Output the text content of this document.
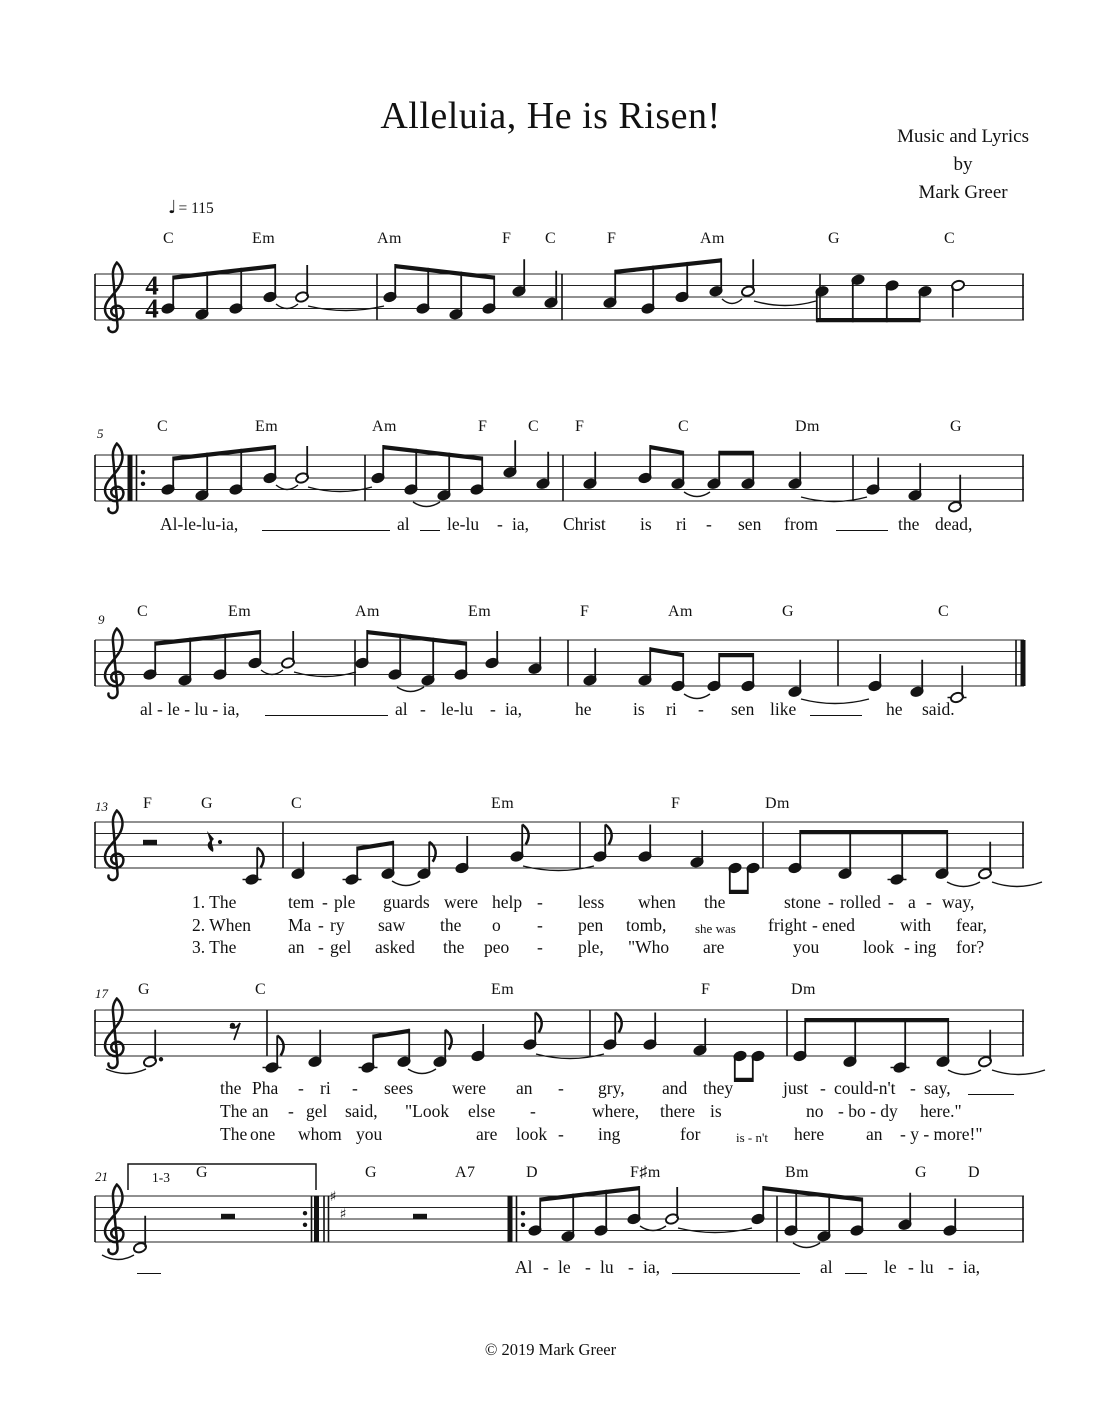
4
4
♯
♯
Alleluia, He is Risen!	Music and Lyrics
by
Mark Greer
♩ = 115
C	Em	Am	F C	F	Am	G	C
C	Em	Am	F	C F	C	Dm	G
5
Al-le-lu-ia,	al le-lu - ia, Christ is ri - sen from	the dead,
C	Em	Am	Em	F	Am	G	C
9
al - le - lu - ia,	al - le-lu - ia,	he is ri - sen like	he said.
F	G	C	Em	F	Dm
13
1. The	tem - ple guards were help - less when the	stone - rolled - a - way,
2. When Ma - ry saw the o - pen tomb, she was fright - ened	with fear,
3. The	an - gel asked the peo - ple, "Who are	you	look - ing for?
G	C	Em	F	Dm
17
the Pha - ri - sees were an - gry, and they	just - could-n't - say,
The an - gel said, "Look else -	where, there is	no - bo - dy here."
The one whom you	are look - ing	for	is - n't here an - y - more!"
1-3 G	G	A7	D	F♯m	Bm	G	D
21
Al - le - lu - ia,	al	le - lu - ia,
© 2019 Mark Greer
